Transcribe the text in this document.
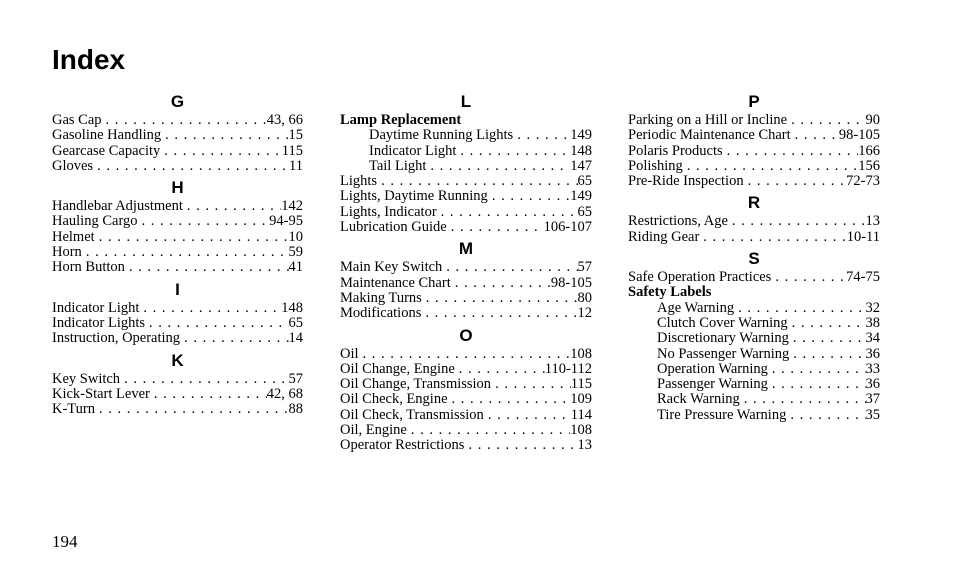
Index
G
Gas Cap . . .	43, 66
Gasoline Handling . . .	15
Gearcase Capacity . . .	115
Gloves . . .	11
H
Handlebar Adjustment . . .	142
Hauling Cargo . . .	94-95
Helmet . . .	10
Horn . . .	59
Horn Button . . .	41
I
Indicator Light . . .	148
Indicator Lights . . .	65
Instruction, Operating . . .	14
K
Key Switch . . .	57
Kick-Start Lever . . .	42, 68
K-Turn . . .	88
L
Lamp Replacement
Daytime Running Lights . . .	149
Indicator Light . . .	148
Tail Light . . .	147
Lights . . .	65
Lights, Daytime Running . . .	149
Lights, Indicator . . .	65
Lubrication Guide . . .	106-107
M
Main Key Switch . . .	57
Maintenance Chart . . .	98-105
Making Turns . . .	80
Modifications . . .	12
O
Oil . . .	108
Oil Change, Engine . . .	110-112
Oil Change, Transmission . . .	115
Oil Check, Engine . . .	109
Oil Check, Transmission . . .	114
Oil, Engine . . .	108
Operator Restrictions . . .	13
P
Parking on a Hill or Incline . . .	90
Periodic Maintenance Chart . . .	98-105
Polaris Products . . .	166
Polishing . . .	156
Pre-Ride Inspection . . .	72-73
R
Restrictions, Age . . .	13
Riding Gear . . .	10-11
S
Safe Operation Practices . . .	74-75
Safety Labels
Age Warning . . .	32
Clutch Cover Warning . . .	38
Discretionary Warning . . .	34
No Passenger Warning . . .	36
Operation Warning . . .	33
Passenger Warning . . .	36
Rack Warning . . .	37
Tire Pressure Warning . . .	35
194
